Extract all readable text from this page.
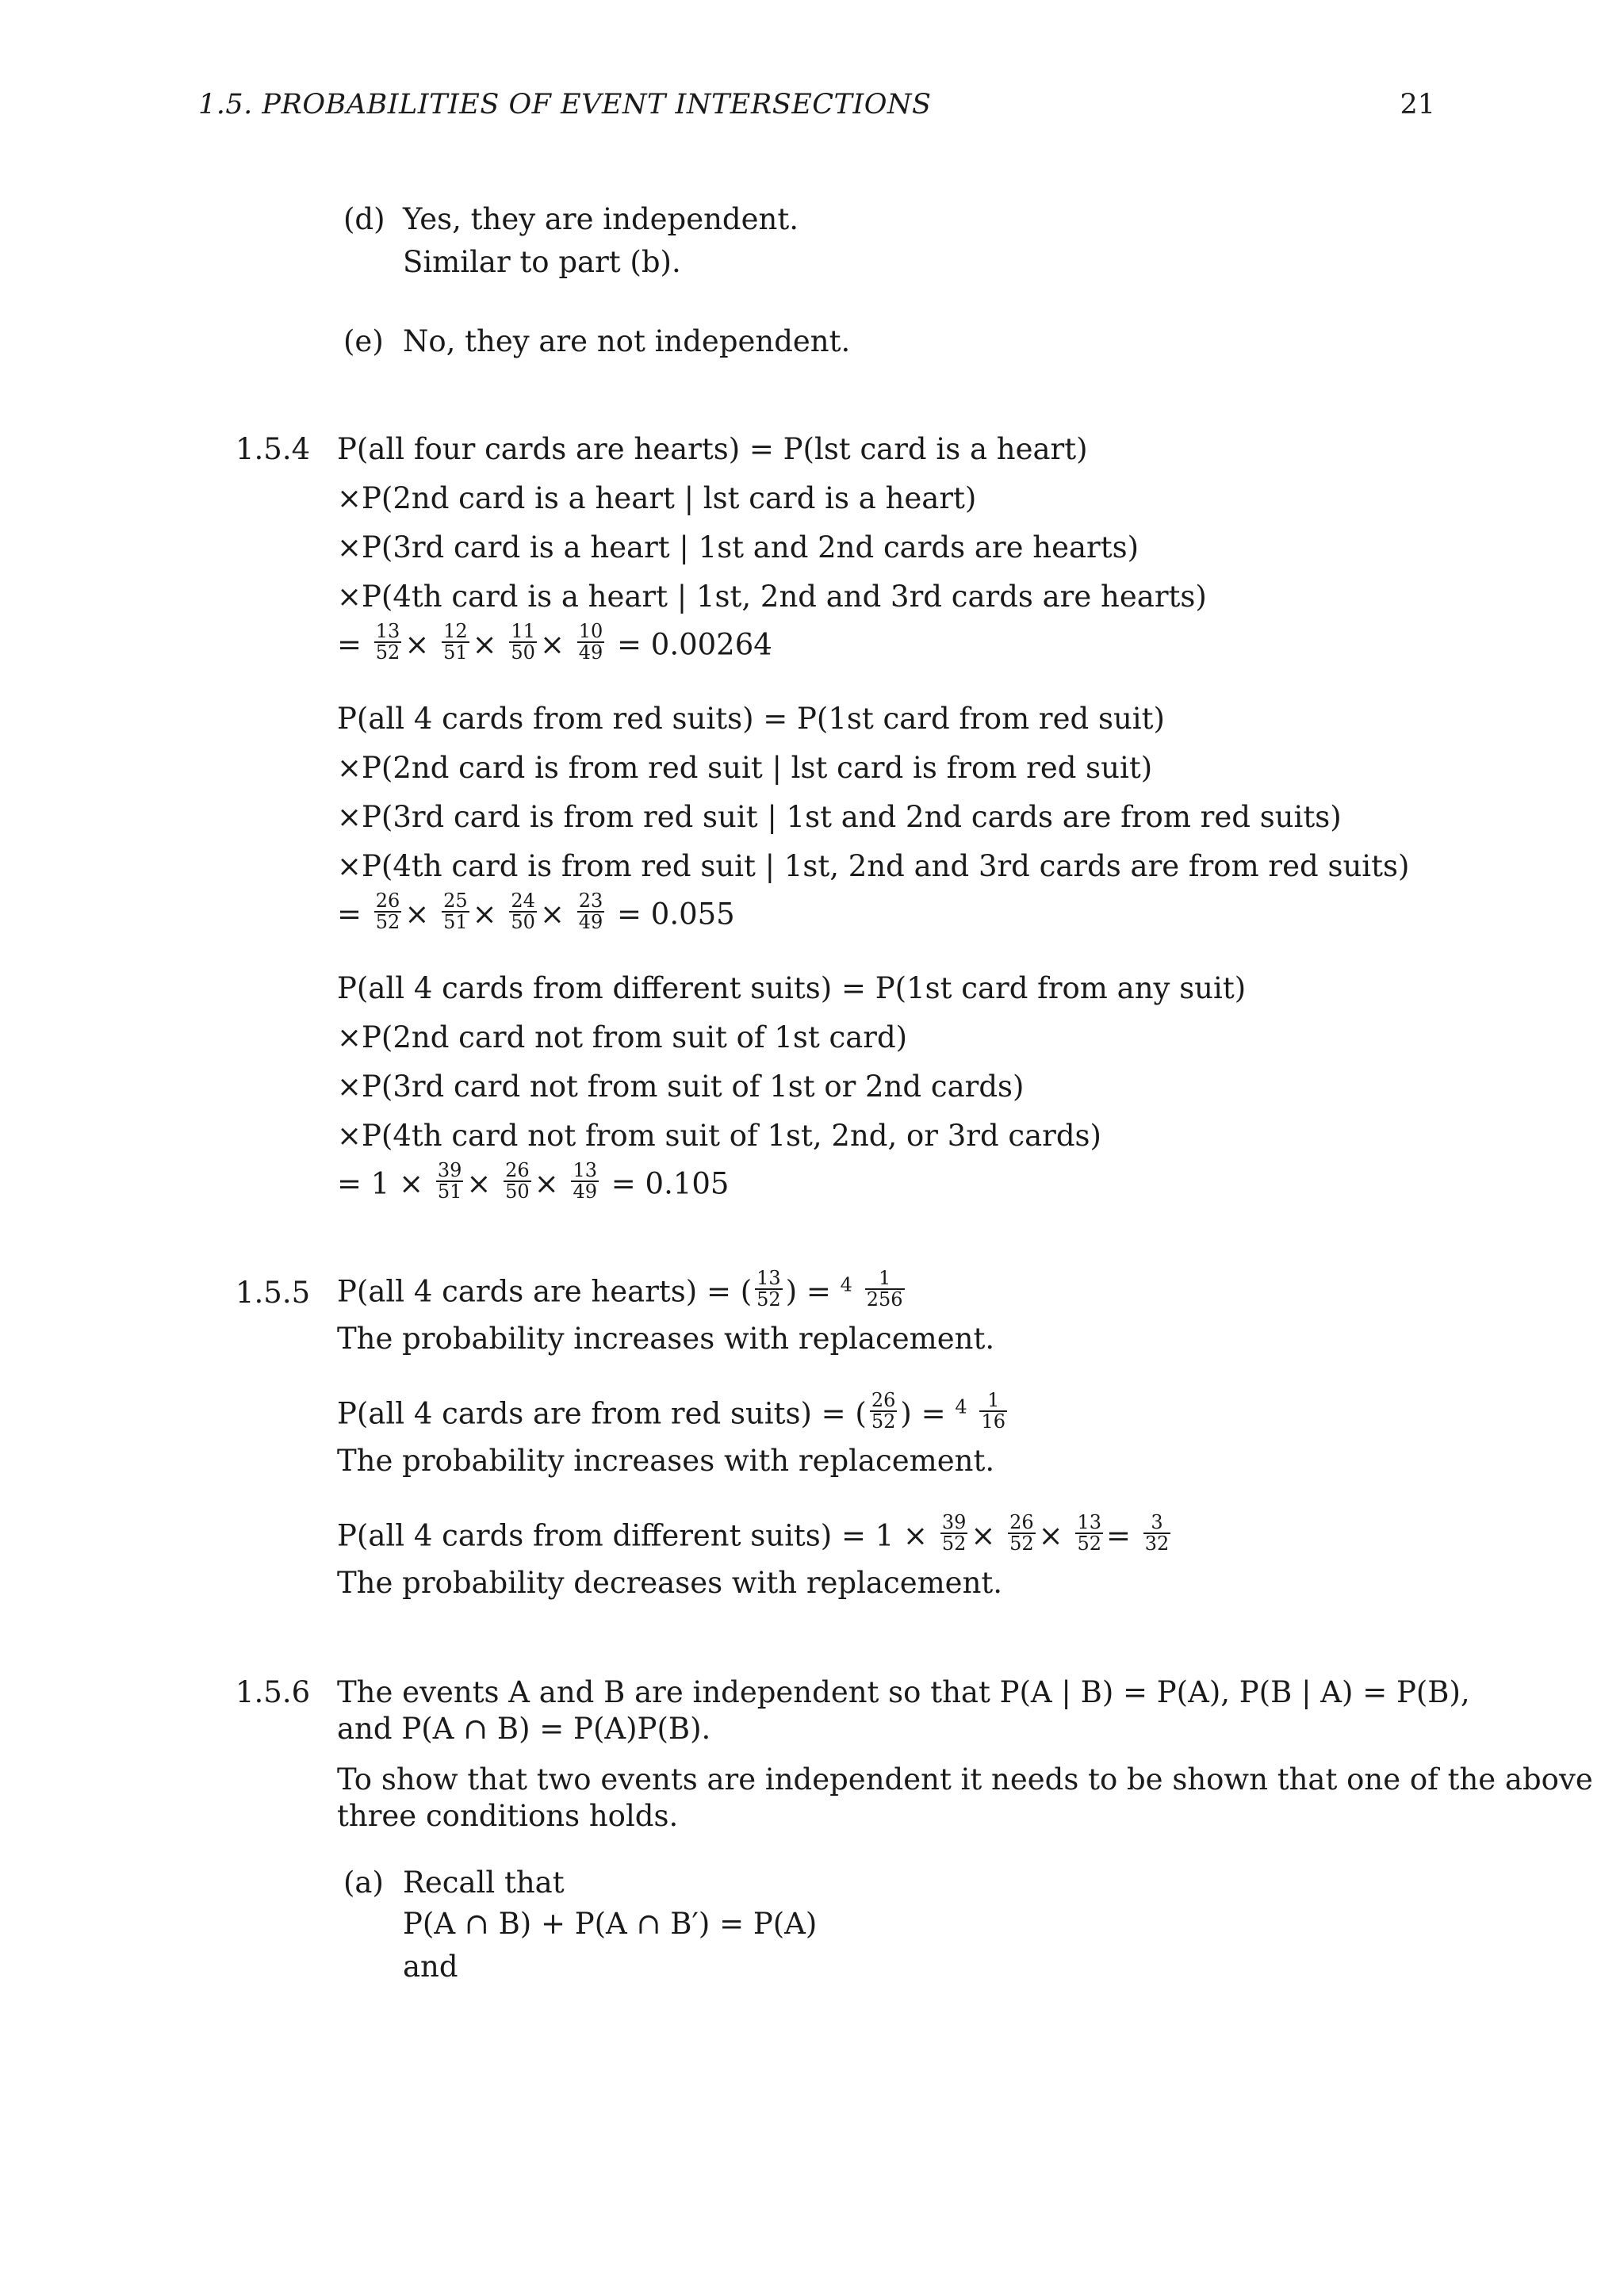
1.5. PROBABILITIES OF EVENT INTERSECTIONS	21
(d) Yes, they are independent.
Similar to part (b).
(e) No, they are not independent.
1.5.4 P(all four cards are hearts) = P(lst card is a heart)
×P(2nd card is a heart | lst card is a heart)
×P(3rd card is a heart | 1st and 2nd cards are hearts)
×P(4th card is a heart | 1st, 2nd and 3rd cards are hearts)
= $\frac{13}{52} \times \frac{12}{51} \times \frac{11}{50} \times \frac{10}{49} = 0.00264$
P(all 4 cards from red suits) = P(1st card from red suit)
×P(2nd card is from red suit | lst card is from red suit)
×P(3rd card is from red suit | 1st and 2nd cards are from red suits)
×P(4th card is from red suit | 1st, 2nd and 3rd cards are from red suits)
= $\frac{26}{52} \times \frac{25}{51} \times \frac{24}{50} \times \frac{23}{49} = 0.055$
P(all 4 cards from different suits) = P(1st card from any suit)
×P(2nd card not from suit of 1st card)
×P(3rd card not from suit of 1st or 2nd cards)
×P(4th card not from suit of 1st, 2nd, or 3rd cards)
= $1 \times \frac{39}{51} \times \frac{26}{50} \times \frac{13}{49} = 0.105$
1.5.5 P(all 4 cards are hearts) = ( $\frac{13}{52}$ ) = $^4 \frac{1}{256}$
The probability increases with replacement.
P(all 4 cards are from red suits) = ( $\frac{26}{52}$ ) = $^4 \frac{1}{16}$
The probability increases with replacement.
P(all 4 cards from different suits) = $1 \times \frac{39}{52} \times \frac{26}{52} \times \frac{13}{52} = \frac{3}{32}$
The probability decreases with replacement.
1.5.6 The events A and B are independent so that P(A | B) = P(A), P(B | A) = P(B),
and P(A ∩ B) = P(A)P(B).
To show that two events are independent it needs to be shown that one of the above
three conditions holds.
(a) Recall that
P(A ∩ B) + P(A ∩ B′) = P(A)
and
